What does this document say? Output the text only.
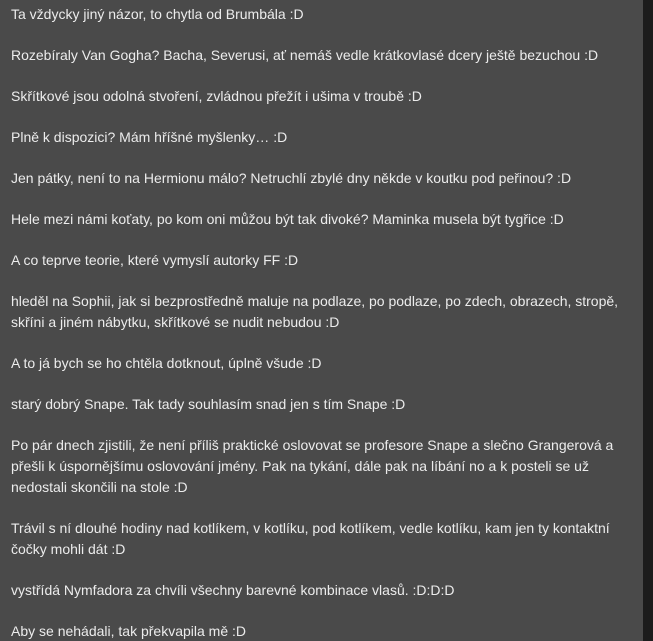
Ta vždycky jiný názor, to chytla od Brumbála :D

Rozebíraly Van Gogha? Bacha, Severusi, ať nemáš vedle krátkovlasé dcery ještě bezuchou :D

Skřítkové jsou odolná stvoření, zvládnou přežít i ušima v troubě :D

Plně k dispozici? Mám hříšné myšlenky… :D

Jen pátky, není to na Hermionu málo? Netruchlí zbylé dny někde v koutku pod peřinou? :D

Hele mezi námi koťaty, po kom oni můžou být tak divoké? Maminka musela být tygřice :D

A co teprve teorie, které vymyslí autorky FF :D

hleděl na Sophii, jak si bezprostředně maluje na podlaze, po podlaze, po zdech, obrazech, stropě, skříni a jiném nábytku, skřítkové se nudit nebudou :D

A to já bych se ho chtěla dotknout, úplně všude :D

starý dobrý Snape. Tak tady souhlasím snad jen s tím Snape :D

Po pár dnech zjistili, že není příliš praktické oslovovat se profesore Snape a slečno Grangerová a přešli k úspornějšímu oslovování jmény. Pak na tykání, dále pak na líbání no a k posteli se už nedostali skončili na stole :D

Trávil s ní dlouhé hodiny nad kotlíkem, v kotlíku, pod kotlíkem, vedle kotlíku, kam jen ty kontaktní čočky mohli dát :D

vystřídá Nymfadora za chvíli všechny barevné kombinace vlasů. :D:D:D

Aby se nehádali, tak překvapila mě :D
